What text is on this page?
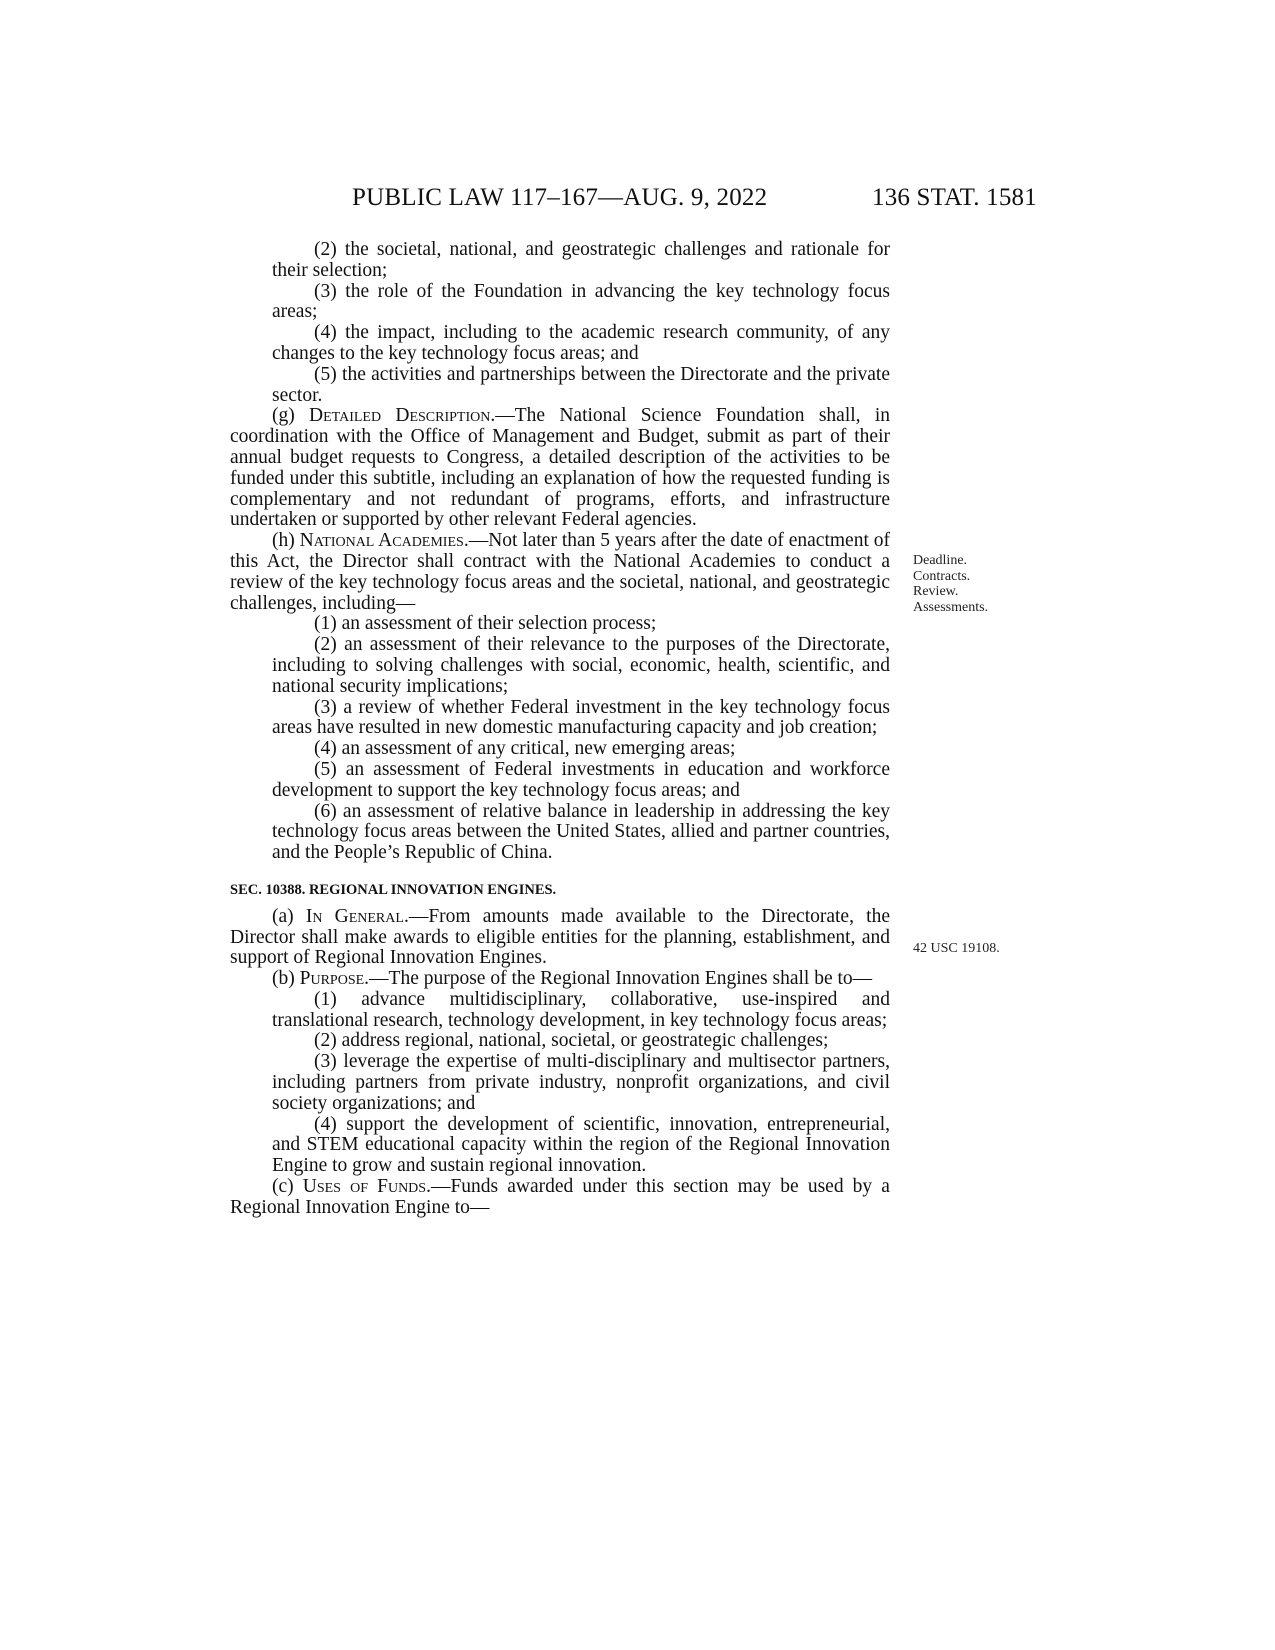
PUBLIC LAW 117–167—AUG. 9, 2022	136 STAT. 1581

(2) the societal, national, and geostrategic challenges and rationale for their selection;

(3) the role of the Foundation in advancing the key technology focus areas;

(4) the impact, including to the academic research community, of any changes to the key technology focus areas; and

(5) the activities and partnerships between the Directorate and the private sector.

(g) Detailed Description.—The National Science Foundation shall, in coordination with the Office of Management and Budget, submit as part of their annual budget requests to Congress, a detailed description of the activities to be funded under this subtitle, including an explanation of how the requested funding is complementary and not redundant of programs, efforts, and infrastructure undertaken or supported by other relevant Federal agencies.

(h) National Academies.—Not later than 5 years after the date of enactment of this Act, the Director shall contract with the National Academies to conduct a review of the key technology focus areas and the societal, national, and geostrategic challenges, including—

(1) an assessment of their selection process;

(2) an assessment of their relevance to the purposes of the Directorate, including to solving challenges with social, economic, health, scientific, and national security implications;

(3) a review of whether Federal investment in the key technology focus areas have resulted in new domestic manufacturing capacity and job creation;

(4) an assessment of any critical, new emerging areas;

(5) an assessment of Federal investments in education and workforce development to support the key technology focus areas; and

(6) an assessment of relative balance in leadership in addressing the key technology focus areas between the United States, allied and partner countries, and the People’s Republic of China.

SEC. 10388. REGIONAL INNOVATION ENGINES.

(a) In General.—From amounts made available to the Directorate, the Director shall make awards to eligible entities for the planning, establishment, and support of Regional Innovation Engines.

(b) Purpose.—The purpose of the Regional Innovation Engines shall be to—

(1) advance multidisciplinary, collaborative, use-inspired and translational research, technology development, in key technology focus areas;

(2) address regional, national, societal, or geostrategic challenges;

(3) leverage the expertise of multi-disciplinary and multisector partners, including partners from private industry, nonprofit organizations, and civil society organizations; and

(4) support the development of scientific, innovation, entrepreneurial, and STEM educational capacity within the region of the Regional Innovation Engine to grow and sustain regional innovation.

(c) Uses of Funds.—Funds awarded under this section may be used by a Regional Innovation Engine to—

Deadline.
Contracts.
Review.
Assessments.
42 USC 19108.
